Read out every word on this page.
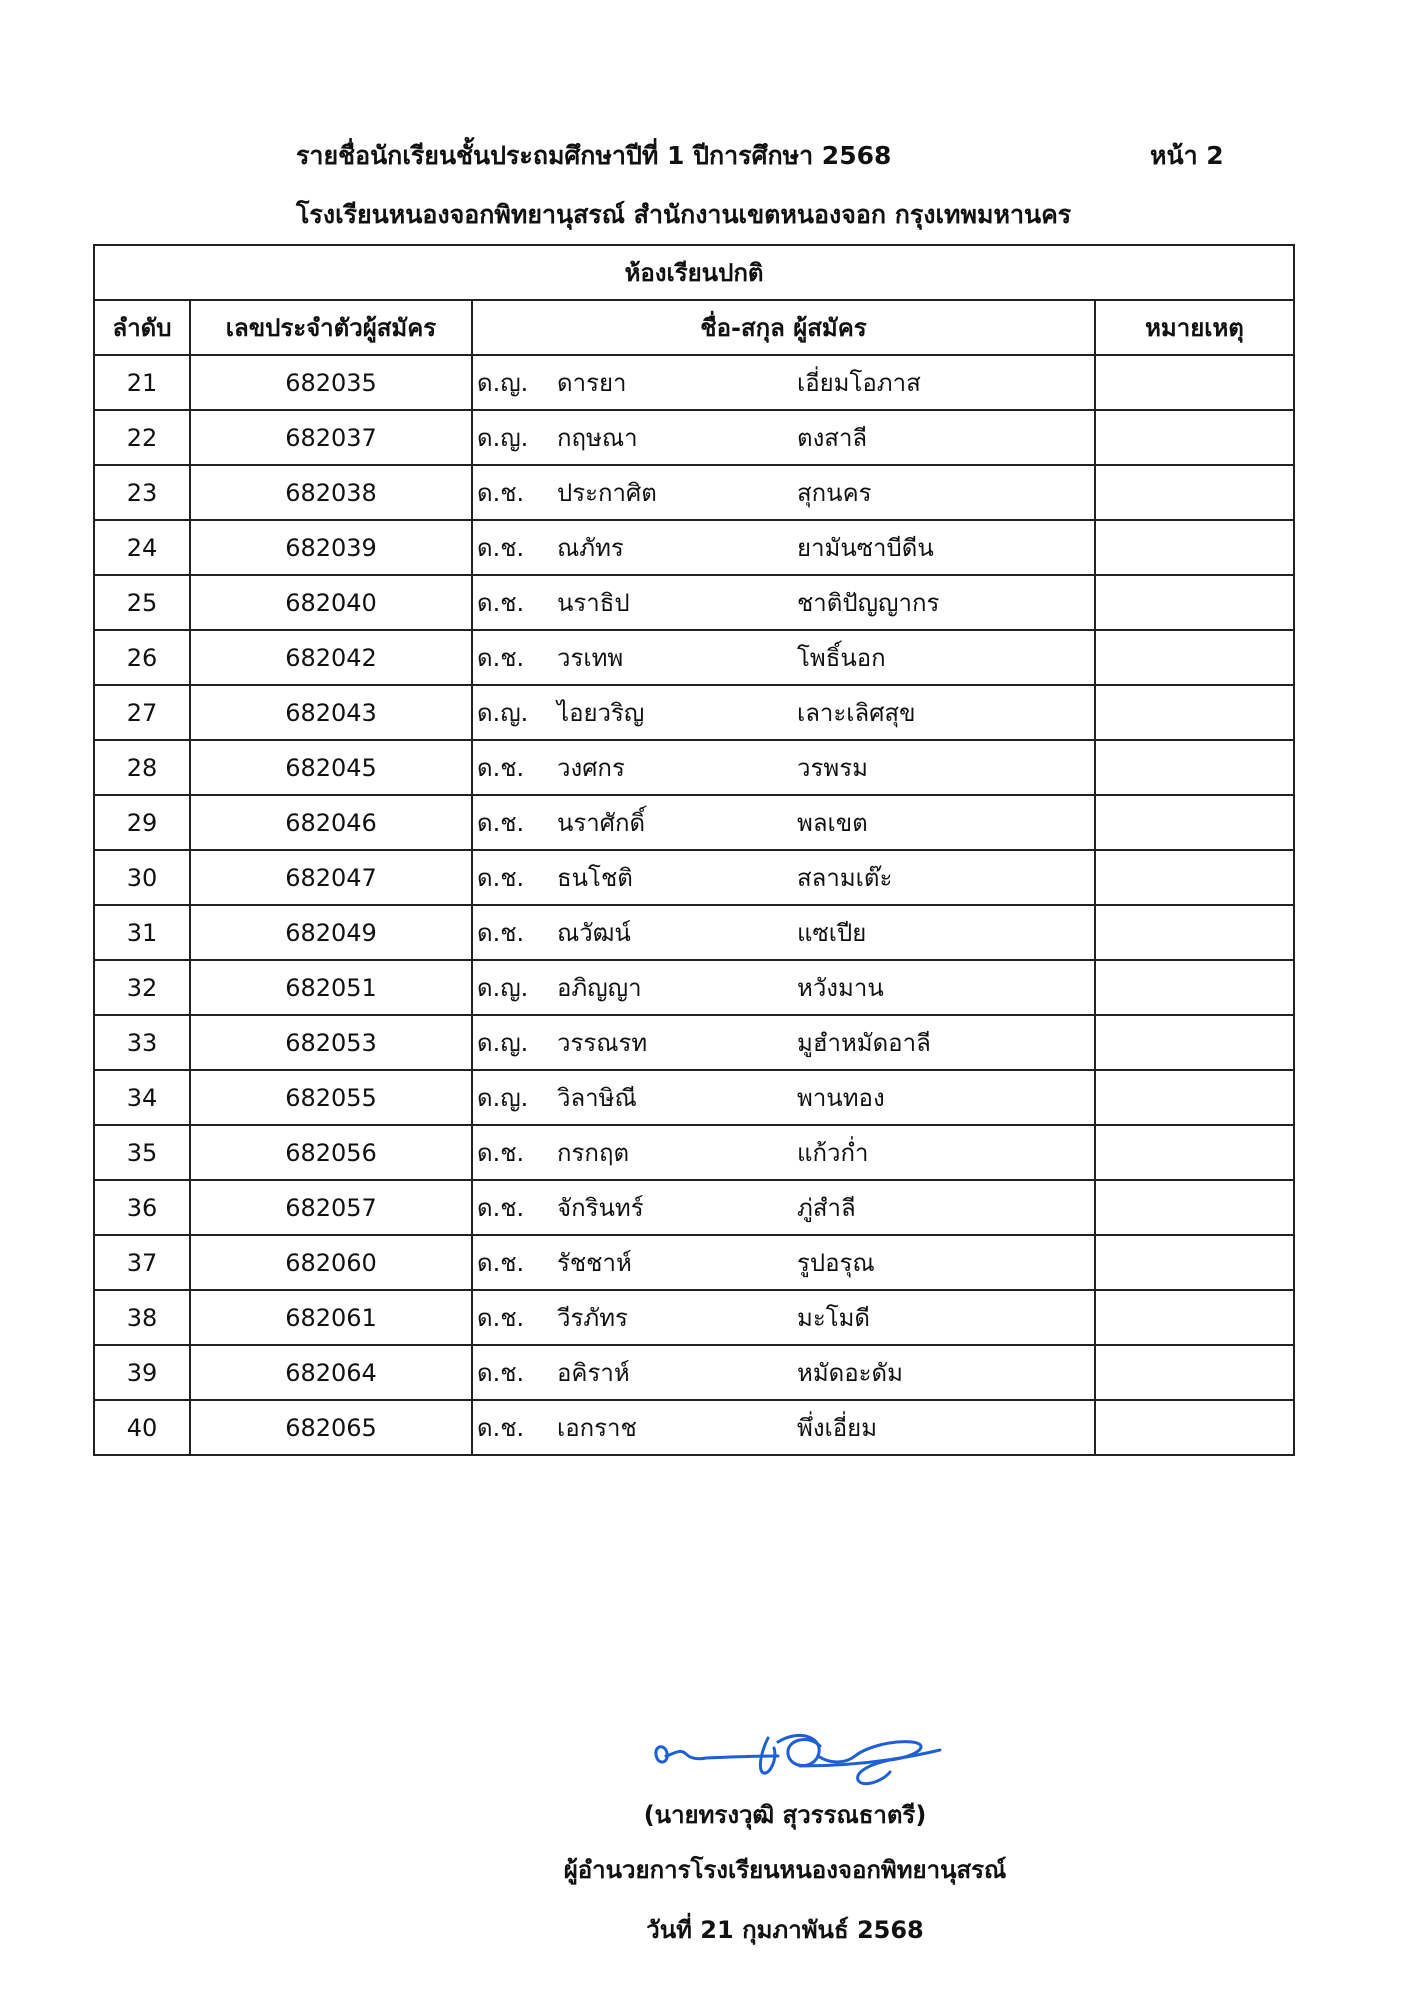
รายชื่อนักเรียนชั้นประถมศึกษาปีที่ 1 ปีการศึกษา 2568	หน้า 2
โรงเรียนหนองจอกพิทยานุสรณ์ สำนักงานเขตหนองจอก กรุงเทพมหานคร
ห้องเรียนปกติ			
ลำดับ	เลขประจำตัวผู้สมัคร	ชื่อ-สกุล ผู้สมัคร	หมายเหตุ
21	682035	ด.ญ. ดารยา เอี่ยมโอภาส	
22	682037	ด.ญ. กฤษณา ตงสาลี	
23	682038	ด.ช. ประกาศิต สุกนคร	
24	682039	ด.ช. ณภัทร ยามันซาบีดีน	
25	682040	ด.ช. นราธิป ชาติปัญญากร	
26	682042	ด.ช. วรเทพ โพธิ์นอก	
27	682043	ด.ญ. ไอยวริญ เลาะเลิศสุข	
28	682045	ด.ช. วงศกร วรพรม	
29	682046	ด.ช. นราศักดิ์ พลเขต	
30	682047	ด.ช. ธนโชติ สลามเต๊ะ	
31	682049	ด.ช. ณวัฒน์ แซเปีย	
32	682051	ด.ญ. อภิญญา หวังมาน	
33	682053	ด.ญ. วรรณรท มูฮำหมัดอาลี	
34	682055	ด.ญ. วิลาษิณี พานทอง	
35	682056	ด.ช. กรกฤต แก้วก่ำ	
36	682057	ด.ช. จักรินทร์ ภู่สำลี	
37	682060	ด.ช. รัชชาห์ รูปอรุณ	
38	682061	ด.ช. วีรภัทร มะโมดี	
39	682064	ด.ช. อคิราห์ หมัดอะดัม	
40	682065	ด.ช. เอกราช พึ่งเอี่ยม	
(นายทรงวุฒิ สุวรรณธาตรี)
ผู้อำนวยการโรงเรียนหนองจอกพิทยานุสรณ์
วันที่ 21 กุมภาพันธ์ 2568
